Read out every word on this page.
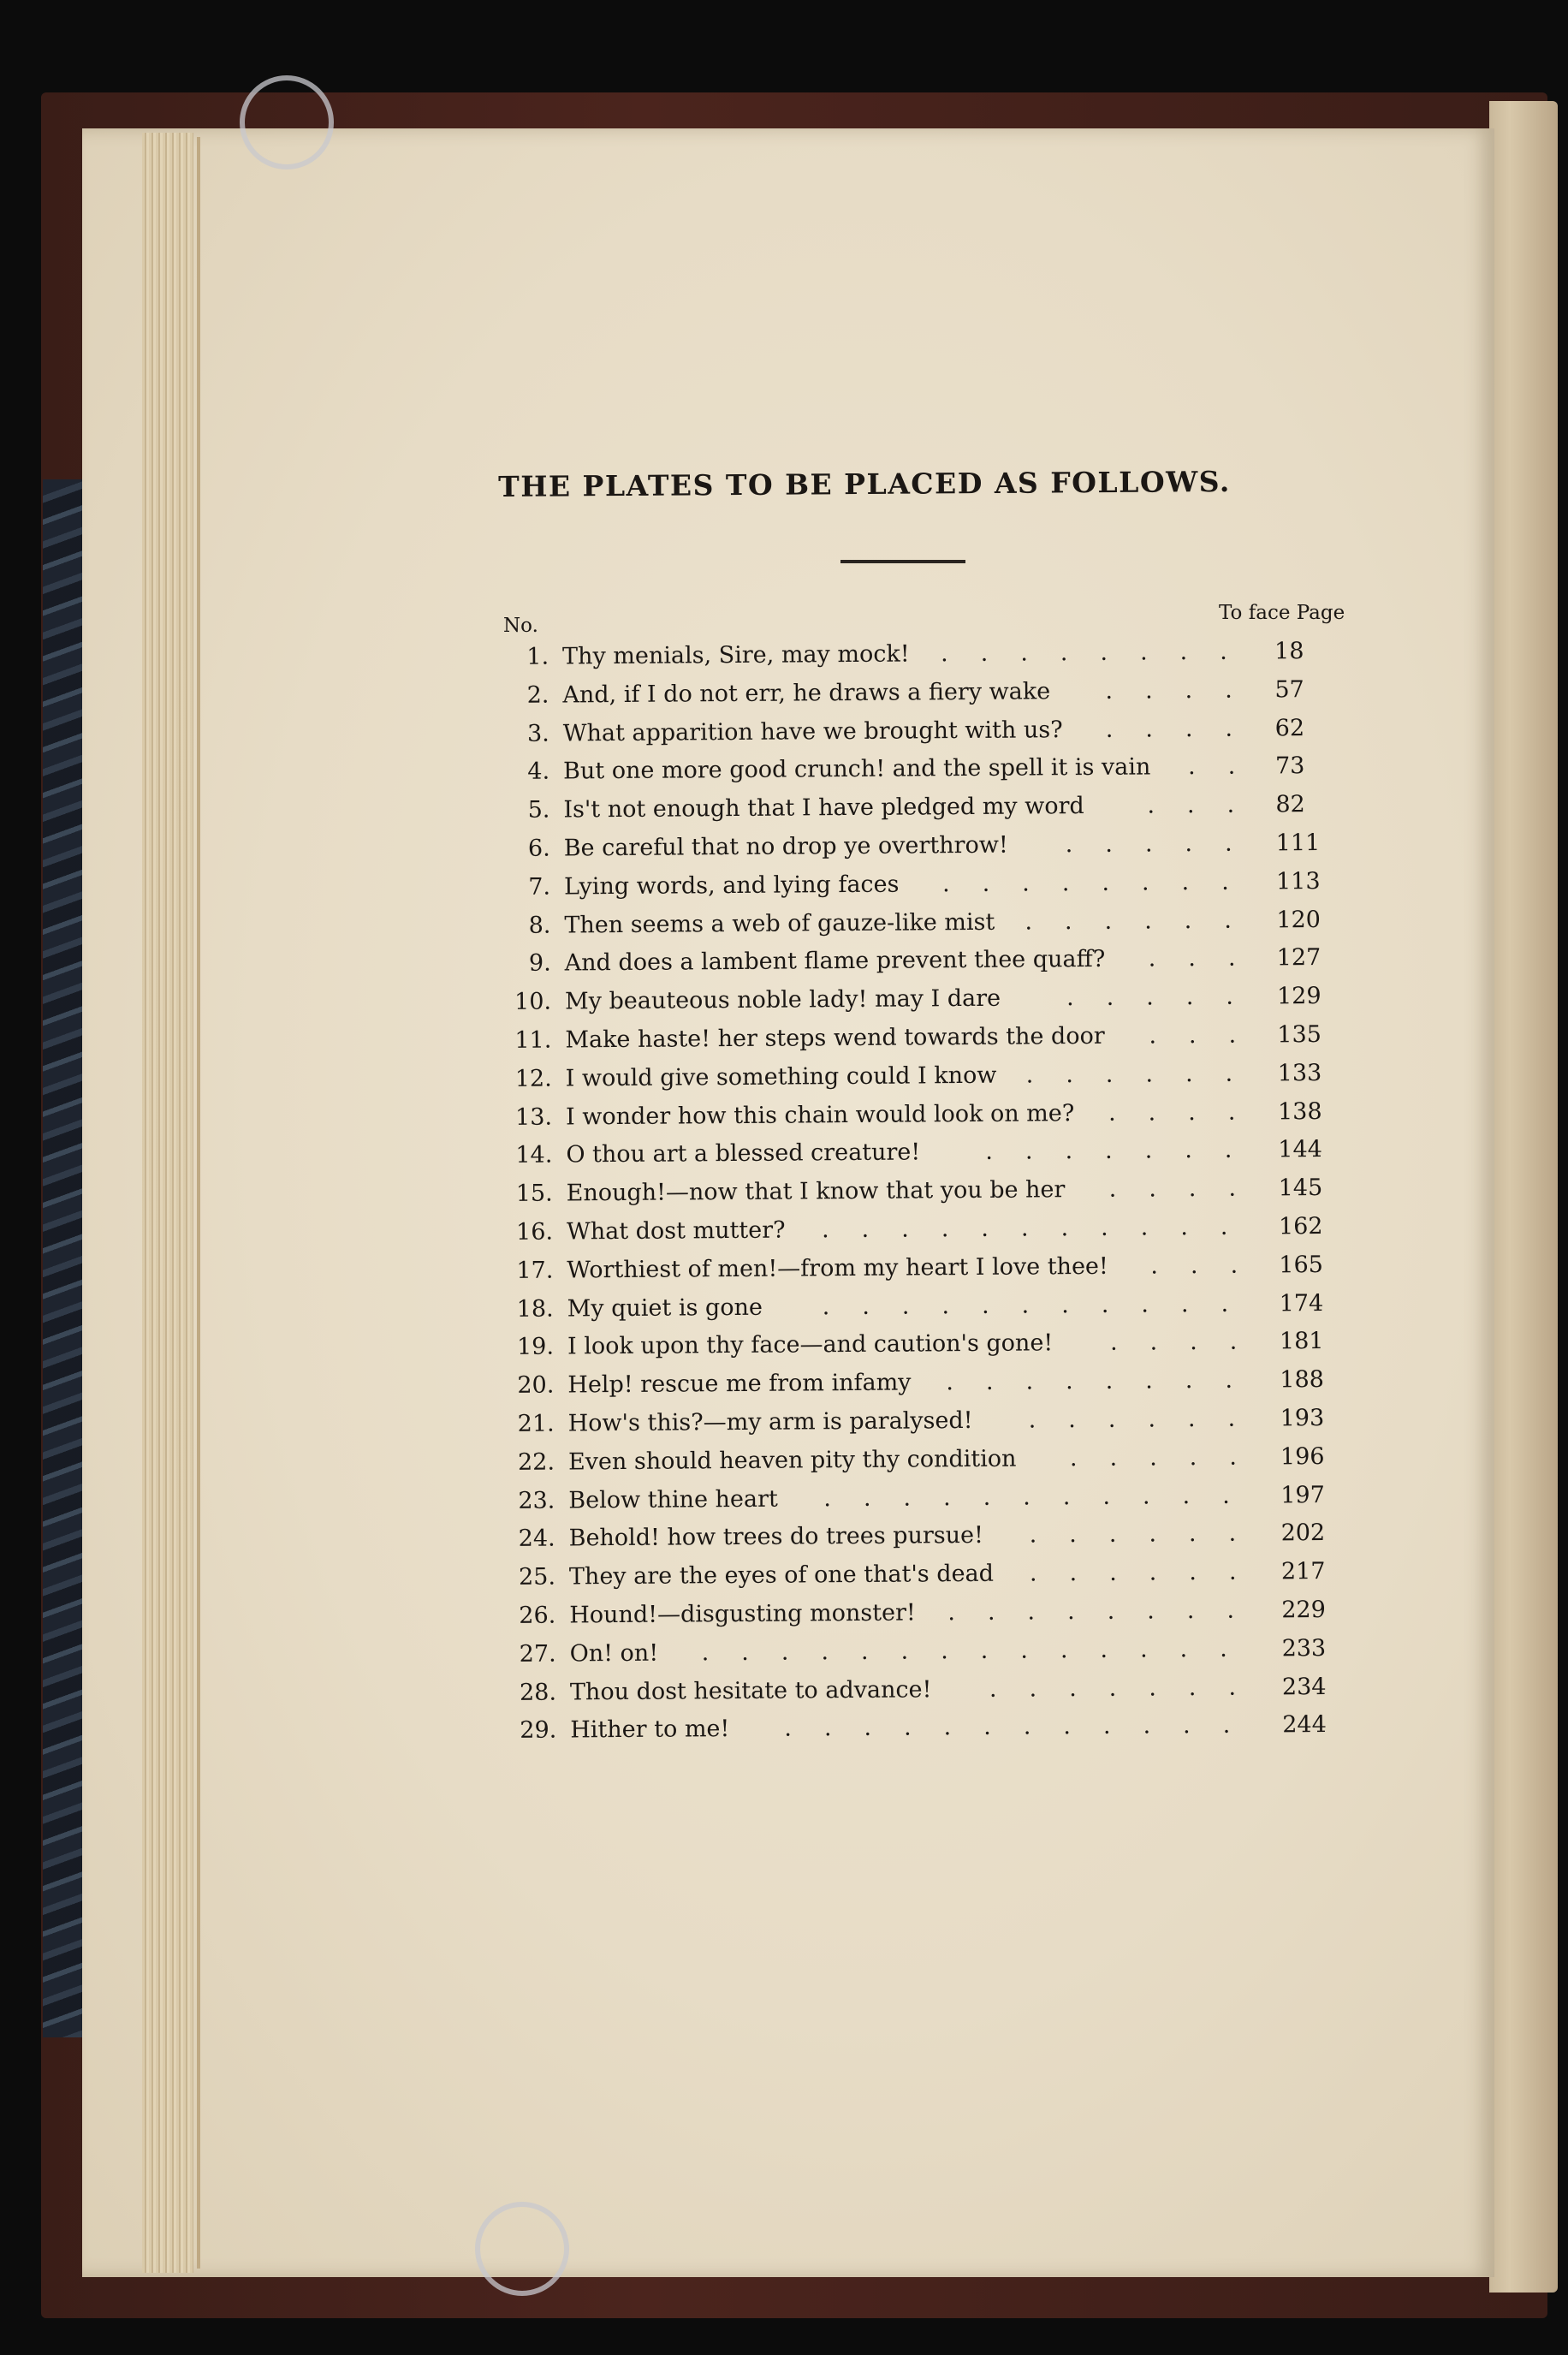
THE PLATES TO BE PLACED AS FOLLOWS.
No.
To face Page
1. Thy menials, Sire, may mock! ........ 18
2. And, if I do not err, he draws a fiery wake .... 57
3. What apparition have we brought with us? .... 62
4. But one more good crunch! and the spell it is vain .. 73
5. Is't not enough that I have pledged my word	... 82
6. Be careful that no drop ye overthrow! ..... 111
7. Lying words, and lying faces ........ 113
8. Then seems a web of gauze-like mist ...... 120
9. And does a lambent flame prevent thee quaff? ... 127
10. My beauteous noble lady! may I dare	..... 129
11. Make haste! her steps wend towards the door ... 135
12. I would give something could I know ...... 133
13. I wonder how this chain would look on me? .... 138
14. O thou art a blessed creature!	....... 144
15. Enough!—now that I know that you be her .... 145
16. What dost mutter? ........... 162
17. Worthiest of men!—from my heart I love thee! ... 165
18. My quiet is gone	........... 174
19. I look upon thy face—and caution's gone! .... 181
20. Help! rescue me from infamy ........ 188
21. How's this?—my arm is paralysed! ...... 193
22. Even should heaven pity thy condition ..... 196
23. Below thine heart ........... 197
24. Behold! how trees do trees pursue! ...... 202
25. They are the eyes of one that's dead ...... 217
26. Hound!—disgusting monster! ........ 229
27. On! on! .............. 233
28. Thou dost hesitate to advance! ....... 234
29. Hither to me! ............ 244
